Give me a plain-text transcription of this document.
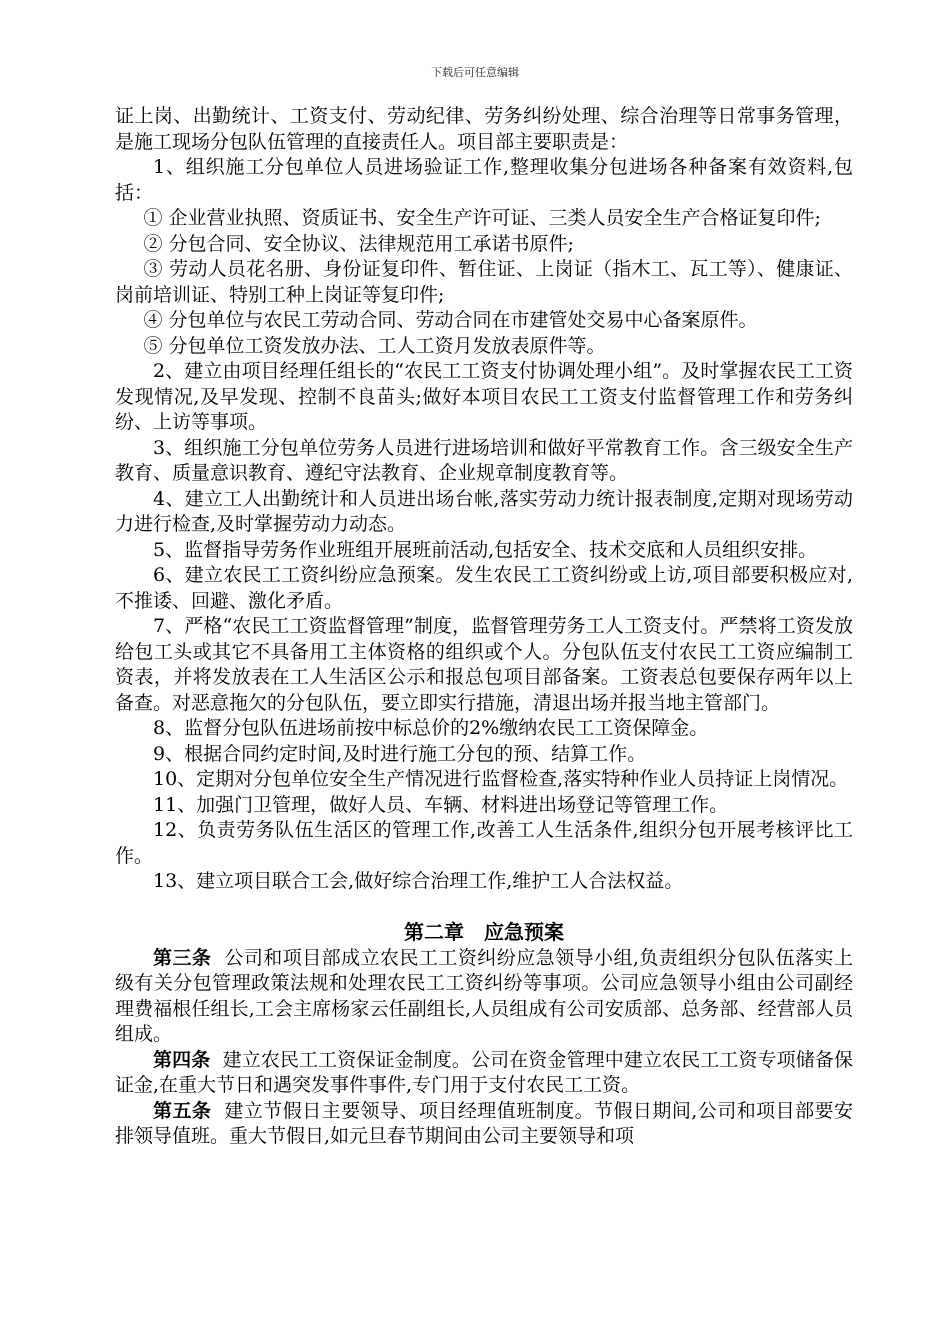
下载后可任意编辑

证上岗、出勤统计、工资支付、劳动纪律、劳务纠纷处理、综合治理等日常事务管理，是施工现场分包队伍管理的直接责任人。项目部主要职责是：

1、组织施工分包单位人员进场验证工作,整理收集分包进场各种备案有效资料,包括：

① 企业营业执照、资质证书、安全生产许可证、三类人员安全生产合格证复印件;

② 分包合同、安全协议、法律规范用工承诺书原件;

③ 劳动人员花名册、身份证复印件、暂住证、上岗证（指木工、瓦工等）、健康证、岗前培训证、特别工种上岗证等复印件;

④ 分包单位与农民工劳动合同、劳动合同在市建管处交易中心备案原件。

⑤ 分包单位工资发放办法、工人工资月发放表原件等。

2、建立由项目经理任组长的“农民工工资支付协调处理小组”。及时掌握农民工工资发现情况,及早发现、控制不良苗头;做好本项目农民工工资支付监督管理工作和劳务纠纷、上访等事项。

3、组织施工分包单位劳务人员进行进场培训和做好平常教育工作。含三级安全生产教育、质量意识教育、遵纪守法教育、企业规章制度教育等。

4、建立工人出勤统计和人员进出场台帐,落实劳动力统计报表制度,定期对现场劳动力进行检查,及时掌握劳动力动态。

5、监督指导劳务作业班组开展班前活动,包括安全、技术交底和人员组织安排。

6、建立农民工工资纠纷应急预案。发生农民工工资纠纷或上访,项目部要积极应对,不推诿、回避、激化矛盾。

7、严格“农民工工资监督管理”制度，监督管理劳务工人工资支付。严禁将工资发放给包工头或其它不具备用工主体资格的组织或个人。分包队伍支付农民工工资应编制工资表，并将发放表在工人生活区公示和报总包项目部备案。工资表总包要保存两年以上备查。对恶意拖欠的分包队伍，要立即实行措施，清退出场并报当地主管部门。

8、监督分包队伍进场前按中标总价的2%缴纳农民工工资保障金。

9、根据合同约定时间,及时进行施工分包的预、结算工作。

10、定期对分包单位安全生产情况进行监督检查,落实特种作业人员持证上岗情况。

11、加强门卫管理，做好人员、车辆、材料进出场登记等管理工作。

12、负责劳务队伍生活区的管理工作,改善工人生活条件,组织分包开展考核评比工作。

13、建立项目联合工会,做好综合治理工作,维护工人合法权益。

第二章　应急预案

第三条 公司和项目部成立农民工工资纠纷应急领导小组,负责组织分包队伍落实上级有关分包管理政策法规和处理农民工工资纠纷等事项。公司应急领导小组由公司副经理费福根任组长,工会主席杨家云任副组长,人员组成有公司安质部、总务部、经营部人员组成。

第四条 建立农民工工资保证金制度。公司在资金管理中建立农民工工资专项储备保证金,在重大节日和遇突发事件事件,专门用于支付农民工工资。

第五条 建立节假日主要领导、项目经理值班制度。节假日期间,公司和项目部要安排领导值班。重大节假日,如元旦春节期间由公司主要领导和项
